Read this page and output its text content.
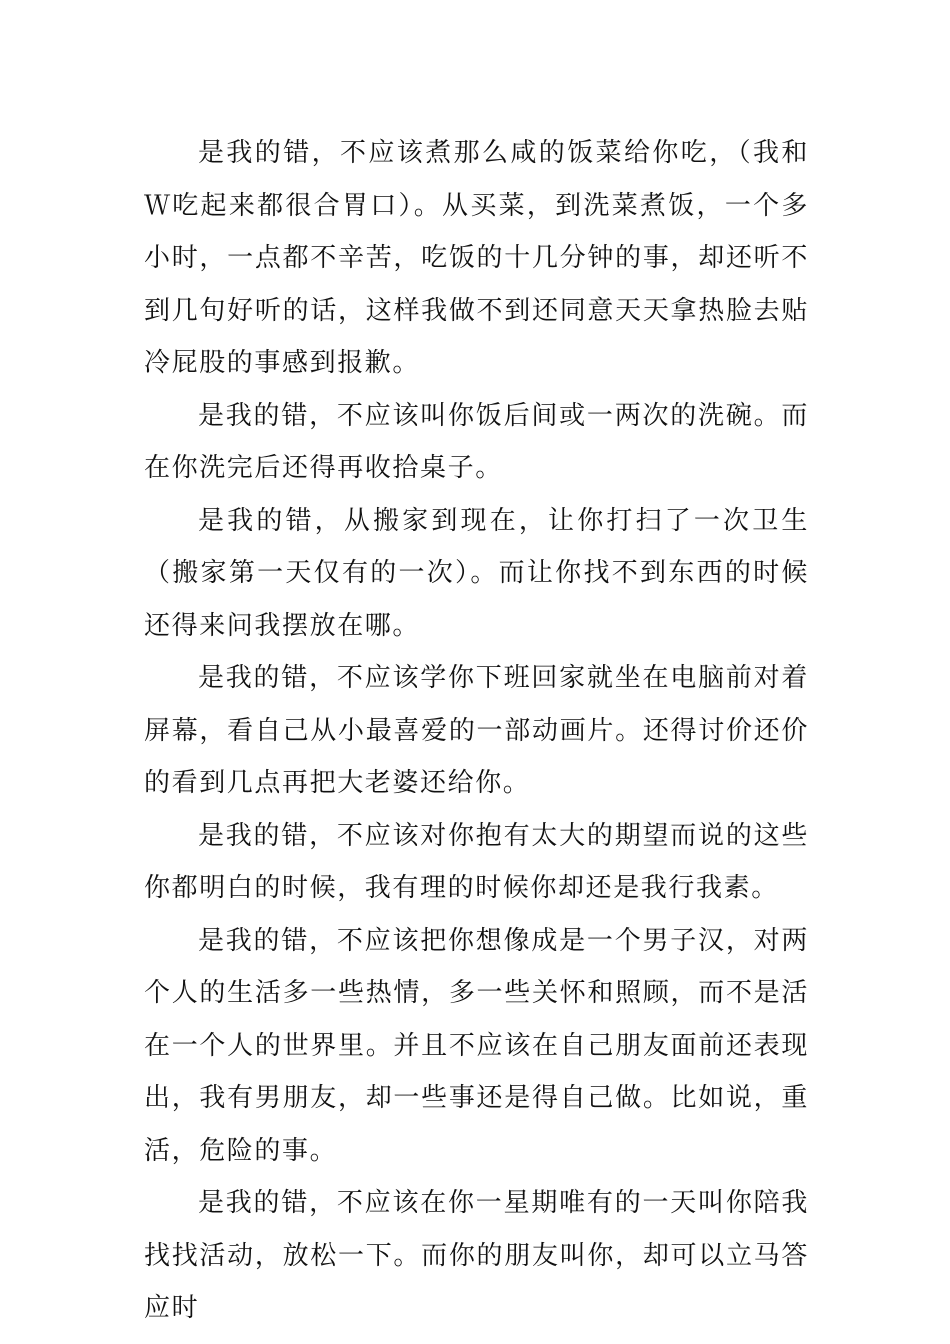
是我的错，不应该煮那么咸的饭菜给你吃，（我和Ｗ吃起来都很合胃口）。从买菜，到洗菜煮饭，一个多小时，一点都不辛苦，吃饭的十几分钟的事，却还听不到几句好听的话，这样我做不到还同意天天拿热脸去贴冷屁股的事感到报歉。

是我的错，不应该叫你饭后间或一两次的洗碗。而在你洗完后还得再收拾桌子。

是我的错，从搬家到现在，让你打扫了一次卫生（搬家第一天仅有的一次）。而让你找不到东西的时候还得来问我摆放在哪。

是我的错，不应该学你下班回家就坐在电脑前对着屏幕，看自己从小最喜爱的一部动画片。还得讨价还价的看到几点再把大老婆还给你。

是我的错，不应该对你抱有太大的期望而说的这些你都明白的时候，我有理的时候你却还是我行我素。

是我的错，不应该把你想像成是一个男子汉，对两个人的生活多一些热情，多一些关怀和照顾，而不是活在一个人的世界里。并且不应该在自己朋友面前还表现出，我有男朋友，却一些事还是得自己做。比如说，重活，危险的事。

是我的错，不应该在你一星期唯有的一天叫你陪我找找活动，放松一下。而你的朋友叫你，却可以立马答应时
